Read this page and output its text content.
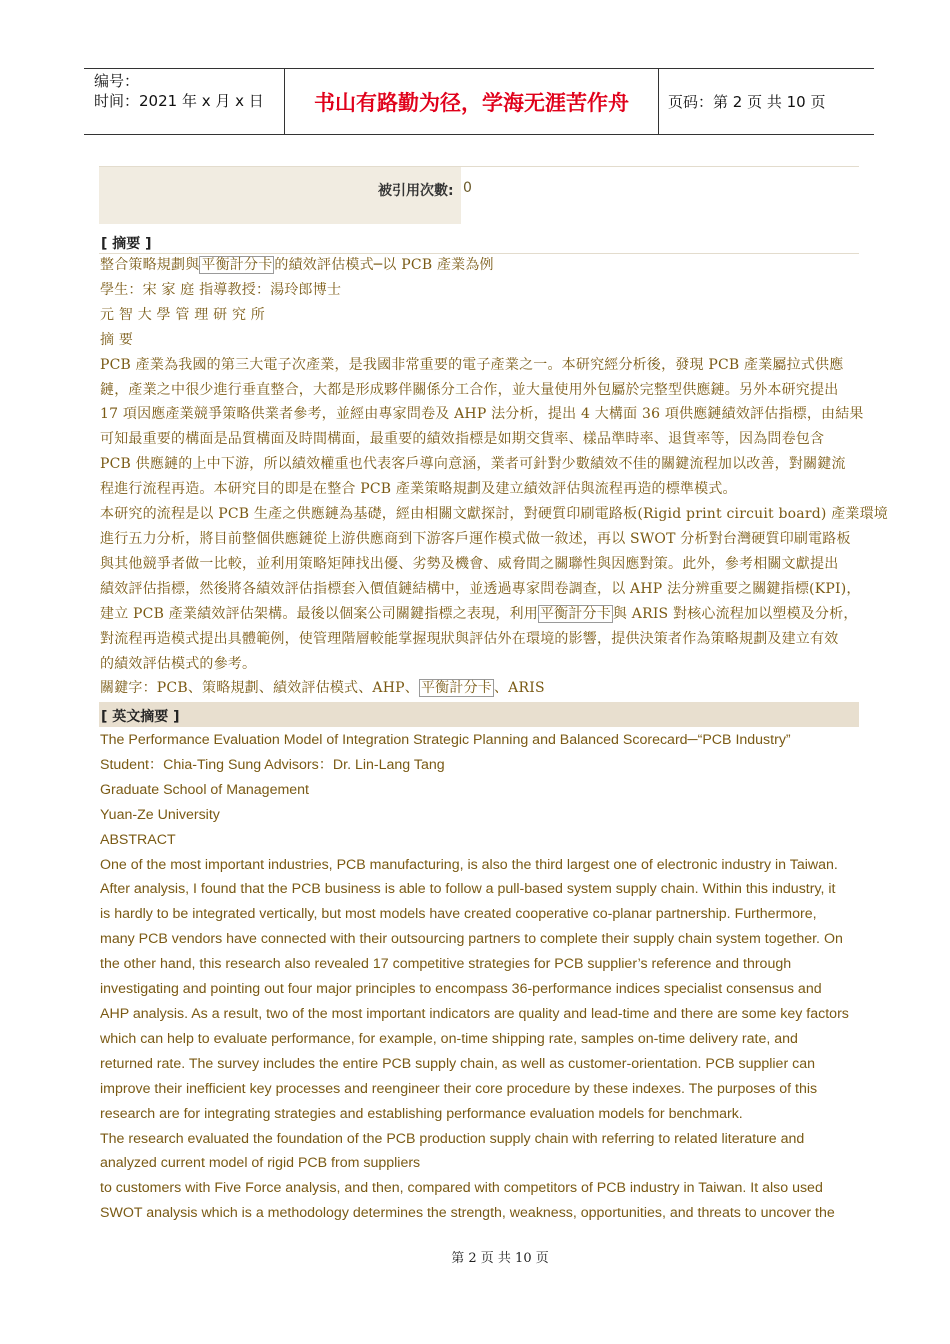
编号：
时间：2021 年 x 月 x 日	书山有路勤为径，学海无涯苦作舟	页码：第 2 页 共 10 页
被引用次數: 0
[ 摘要 ]
整合策略規劃與 平衡計分卡 的績效評估模式─以 PCB 產業為例
學生：宋 家 庭 指導教授：湯玲郎博士
元 智 大 學 管 理 研 究 所
摘 要
PCB 產業為我國的第三大電子次產業，是我國非常重要的電子產業之一。本研究經分析後，發現 PCB 產業屬拉式供應
鏈，產業之中很少進行垂直整合，大都是形成夥伴關係分工合作，並大量使用外包屬於完整型供應鏈。另外本研究提出
17 項因應產業競爭策略供業者參考，並經由專家問卷及 AHP 法分析，提出 4 大構面 36 項供應鏈績效評估指標，由結果
可知最重要的構面是品質構面及時間構面，最重要的績效指標是如期交貨率、樣品準時率、退貨率等，因為問卷包含
PCB 供應鏈的上中下游，所以績效權重也代表客戶導向意涵，業者可針對少數績效不佳的關鍵流程加以改善，對關鍵流
程進行流程再造。本研究目的即是在整合 PCB 產業策略規劃及建立績效評估與流程再造的標準模式。
本研究的流程是以 PCB 生產之供應鏈為基礎，經由相關文獻探討，對硬質印刷電路板(Rigid print circuit board) 產業環境
進行五力分析，將目前整個供應鏈從上游供應商到下游客戶運作模式做一敘述，再以 SWOT 分析對台灣硬質印刷電路板
與其他競爭者做一比較，並利用策略矩陣找出優、劣勢及機會、威脅間之關聯性與因應對策。此外，參考相關文獻提出
績效評估指標，然後將各績效評估指標套入價值鏈結構中，並透過專家問卷調查，以 AHP 法分辨重要之關鍵指標(KPI)，
建立 PCB 產業績效評估架構。最後以個案公司關鍵指標之表現，利用 平衡計分卡 與 ARIS 對核心流程加以塑模及分析，
對流程再造模式提出具體範例，使管理階層較能掌握現狀與評估外在環境的影響，提供決策者作為策略規劃及建立有效
的績效評估模式的參考。
關鍵字：PCB、策略規劃、績效評估模式、AHP、 平衡計分卡 、ARIS
[ 英文摘要 ]
The Performance Evaluation Model of Integration Strategic Planning and Balanced Scorecard─“PCB Industry”
Student：Chia-Ting Sung Advisors：Dr. Lin-Lang Tang
Graduate School of Management
Yuan-Ze University
ABSTRACT
One of the most important industries, PCB manufacturing, is also the third largest one of electronic industry in Taiwan.
After analysis, I found that the PCB business is able to follow a pull-based system supply chain. Within this industry, it
is hardly to be integrated vertically, but most models have created cooperative co-planar partnership. Furthermore,
many PCB vendors have connected with their outsourcing partners to complete their supply chain system together. On
the other hand, this research also revealed 17 competitive strategies for PCB supplier’s reference and through
investigating and pointing out four major principles to encompass 36-performance indices specialist consensus and
AHP analysis. As a result, two of the most important indicators are quality and lead-time and there are some key factors
which can help to evaluate performance, for example, on-time shipping rate, samples on-time delivery rate, and
returned rate. The survey includes the entire PCB supply chain, as well as customer-orientation. PCB supplier can
improve their inefficient key processes and reengineer their core procedure by these indexes. The purposes of this
research are for integrating strategies and establishing performance evaluation models for benchmark.
The research evaluated the foundation of the PCB production supply chain with referring to related literature and
analyzed current model of rigid PCB from suppliers
to customers with Five Force analysis, and then, compared with competitors of PCB industry in Taiwan. It also used
SWOT analysis which is a methodology determines the strength, weakness, opportunities, and threats to uncover the
第 2 页 共 10 页
